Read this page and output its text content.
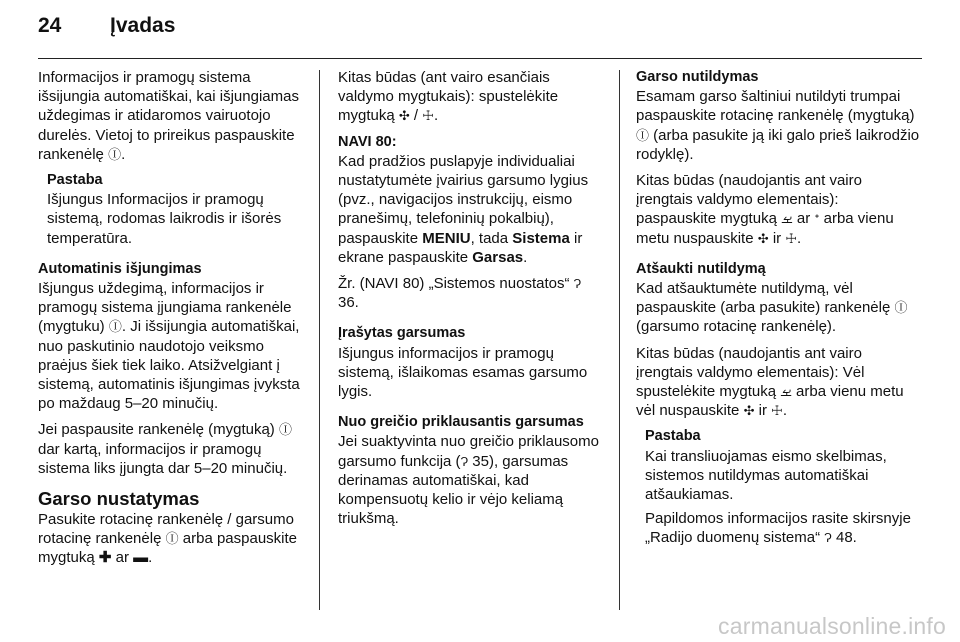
24 Įvadas

Informacijos ir pramogų sistema išsijungia automatiškai, kai išjungiamas uždegimas ir atidaromos vairuotojo durelės. Vietoj to prireikus paspauskite rankenėlę Ⓘ.

Pastaba

Išjungus Informacijos ir pramogų sistemą, rodomas laikrodis ir išorės temperatūra.

Automatinis išjungimas

Išjungus uždegimą, informacijos ir pramogų sistema įjungiama rankenėle (mygtuku) Ⓘ. Ji išsijungia automatiškai, nuo paskutinio naudotojo veiksmo praėjus šiek tiek laiko. Atsižvelgiant į sistemą, automatinis išjungimas įvyksta po maždaug 5–20 minučių.

Jei paspausite rankenėlę (mygtuką) Ⓘ dar kartą, informacijos ir pramogų sistema liks įjungta dar 5–20 minučių.

Garso nustatymas

Pasukite rotacinę rankenėlę / garsumo rotacinę rankenėlę Ⓘ arba paspauskite mygtuką ✚ ar ▬.

Kitas būdas (ant vairo esančiais valdymo mygtukais): spustelėkite mygtuką ✣ / ☩.

NAVI 80:

Kad pradžios puslapyje individualiai nustatytumėte įvairius garsumo lygius (pvz., navigacijos instrukcijų, eismo pranešimų, telefoninių pokalbių), paspauskite MENIU, tada Sistema ir ekrane paspauskite Garsas.

Žr. (NAVI 80) „Sistemos nuostatos“ Ɂ 36.

Įrašytas garsumas

Išjungus informacijos ir pramogų sistemą, išlaikomas esamas garsumo lygis.

Nuo greičio priklausantis garsumas

Jei suaktyvinta nuo greičio priklausomo garsumo funkcija (Ɂ 35), garsumas derinamas automatiškai, kad kompensuotų kelio ir vėjo keliamą triukšmą.

Garso nutildymas

Esamam garso šaltiniui nutildyti trumpai paspauskite rotacinę rankenėlę (mygtuką) Ⓘ (arba pasukite ją iki galo prieš laikrodžio rodyklę).

Kitas būdas (naudojantis ant vairo įrengtais valdymo elementais): paspauskite mygtuką ࡁ ar ᕀ arba vienu metu nuspauskite ✣ ir ☩.

Atšaukti nutildymą

Kad atšauktumėte nutildymą, vėl paspauskite (arba pasukite) rankenėlę Ⓘ (garsumo rotacinę rankenėlę).

Kitas būdas (naudojantis ant vairo įrengtais valdymo elementais): Vėl spustelėkite mygtuką ࡁ arba vienu metu vėl nuspauskite ✣ ir ☩.

Pastaba

Kai transliuojamas eismo skelbimas, sistemos nutildymas automatiškai atšaukiamas.

Papildomos informacijos rasite skirsnyje „Radijo duomenų sistema“ Ɂ 48.

carmanualsonline.info
